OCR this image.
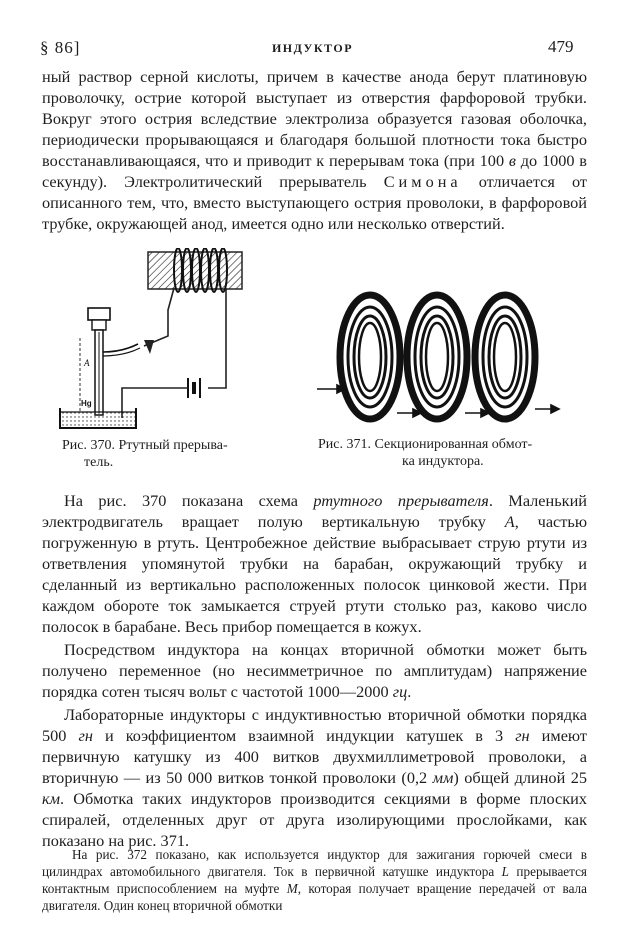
§ 86]	ИНДУКТОР	479
ный раствор серной кислоты, причем в качестве анода берут платиновую проволочку, острие которой выступает из отверстия фарфоровой трубки. Вокруг этого острия вследствие электролиза образуется газовая оболочка, периодически прорывающаяся и благодаря большой плотности тока быстро восстанавливающаяся, что и приводит к перерывам тока (при 100 в до 1000 в секунду). Электролитический прерыватель Симона отличается от описанного тем, что, вместо выступающего острия проволоки, в фарфоровой трубке, окружающей анод, имеется одно или несколько отверстий.
A
Hg
Рис. 370. Ртутный прерыва-
тель.
Рис. 371. Секционированная обмот-
ка индуктора.

На рис. 370 показана схема ртутного прерывателя. Маленький электродвигатель вращает полую вертикальную трубку A, частью погруженную в ртуть. Центробежное действие выбрасывает струю ртути из ответвления упомянутой трубки на барабан, окружающий трубку и сделанный из вертикально расположенных полосок цинковой жести. При каждом обороте ток замыкается струей ртути столько раз, каково число полосок в барабане. Весь прибор помещается в кожух.

Посредством индуктора на концах вторичной обмотки может быть получено переменное (но несимметричное по амплитудам) напряжение порядка сотен тысяч вольт с частотой 1000—2000 гц.

Лабораторные индукторы с индуктивностью вторичной обмотки порядка 500 гн и коэффициентом взаимной индукции катушек в 3 гн имеют первичную катушку из 400 витков двухмиллиметровой проволоки, а вторичную — из 50 000 витков тонкой проволоки (0,2 мм) общей длиной 25 км. Обмотка таких индукторов производится секциями в форме плоских спиралей, отделенных друг от друга изолирующими прослойками, как показано на рис. 371.

На рис. 372 показано, как используется индуктор для зажигания горючей смеси в цилиндрах автомобильного двигателя. Ток в первичной катушке индуктора L прерывается контактным приспособлением на муфте M, которая получает вращение передачей от вала двигателя. Один конец вторичной обмотки
